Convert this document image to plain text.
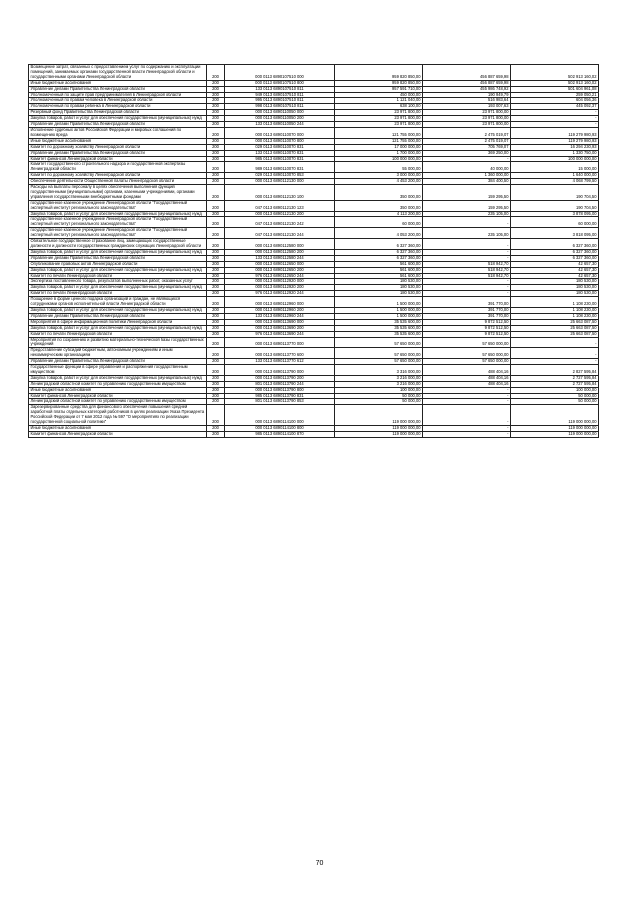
Возмещение затрат, связанных с предоставлением услуг по содержанию и эксплуатации помещений, занимаемых органами государственной власти Ленинградской области и государственными органами Ленинградской области	200	000 0113 6890107510 000	959 820 850,00	456 887 659,98	502 913 160,02
Иные бюджетные ассигнования	200	000 0113 6890107510 800	959 820 850,00	456 887 659,98	502 913 160,02
Управление делами Правительства Ленинградской области	200	133 0113 6890107510 811	957 591 710,00	455 986 748,92	501 604 961,08
Уполномоченный по защите прав предпринимателей в Ленинградской области	200	949 0113 6890107510 811	450 000,00	190 949,79	259 050,21
Уполномоченный по правам человека в Ленинградской области	200	995 0113 6890107510 811	1 121 040,00	516 983,64	604 056,36
Уполномоченный по правам ребенка в Ленинградской области	200	998 0113 6890107510 811	638 100,00	193 007,63	445 092,37
Резервный фонд Правительства Ленинградской области	200	000 0113 6890110050 000	23 971 800,00	23 971 800,00	-
Закупка товаров, работ и услуг для обеспечения государственных (муниципальных) нужд	200	000 0113 6890110050 200	23 971 800,00	23 971 800,00	-
Управление делами Правительства Ленинградской области	200	133 0113 6890110050 244	23 971 800,00	23 971 800,00	-
Исполнение судебных актов Российской Федерации и мировых соглашений по возмещению вреда	200	000 0113 6890110070 000	121 755 000,00	2 475 019,07	119 279 980,93
Иные бюджетные ассигнования	200	000 0113 6890110070 800	121 755 000,00	2 475 019,07	119 279 980,93
Комитет по дорожному хозяйству Ленинградской области	200	029 0113 6890110070 831	17 000 000,00	705 769,07	16 294 230,93
Управление делами Правительства Ленинградской области	200	133 0113 6890110070 831	1 700 000,00	369 250,00	1 330 750,00
Комитет финансов Ленинградской области	200	985 0113 6890110070 831	100 000 000,00	-	100 000 000,00
Комитет государственного строительного надзора и государственной экспертизы Ленинградской области	200	989 0113 6890110070 831	55 000,00	40 000,00	15 000,00
Комитет по дорожному хозяйству Ленинградской области	200	029 0113 6890110070 853	3 000 000,00	1 360 000,00	1 640 000,00
Обеспечение деятельности Общественной палаты Ленинградской области	200	000 0113 6890112130 000	4 453 200,00	384 400,50	4 068 799,50
Расходы на выплаты персоналу в целях обеспечения выполнения функций государственными (муниципальными) органами, казенными учреждениями, органами управления государственными внебюджетными фондами	200	000 0113 6890112130 100	350 000,00	159 295,50	190 704,50
государственное казенное учреждение Ленинградской области "Государственный экспертный институт регионального законодательства"	200	047 0113 6890112130 123	350 000,00	159 295,50	190 704,50
Закупка товаров, работ и услуг для обеспечения государственных (муниципальных) нужд	200	000 0113 6890112130 200	4 113 200,00	235 105,00	3 878 095,00
государственное казенное учреждение Ленинградской области "Государственный экспертный институт регионального законодательства"	200	047 0113 6890112130 242	60 000,00	-	60 000,00
государственное казенное учреждение Ленинградской области "Государственный экспертный институт регионального законодательства"	200	047 0113 6890112130 244	4 053 200,00	235 105,00	3 818 095,00
Обязательное государственное страхование лиц, замещающих государственные должности и должности государственных гражданских служащих Ленинградской области	200	000 0113 6890112580 000	6 327 360,00	-	6 327 360,00
Закупка товаров, работ и услуг для обеспечения государственных (муниципальных) нужд	200	000 0113 6890112580 200	6 327 360,00	-	6 327 360,00
Управление делами Правительства Ленинградской области	200	133 0113 6890112580 244	6 327 360,00	-	6 327 360,00
Опубликование правовых актов Ленинградской области	200	000 0113 6890112650 000	561 600,00	518 942,70	42 657,30
Закупка товаров, работ и услуг для обеспечения государственных (муниципальных) нужд	200	000 0113 6890112650 200	561 600,00	518 942,70	42 657,30
Комитет по печати Ленинградской области	200	976 0113 6890112650 244	561 600,00	518 942,70	42 657,30
Экспертиза поставленного товара, результатов выполненных работ, оказанных услуг	200	000 0113 6890112920 000	180 530,00	-	180 530,00
Закупка товаров, работ и услуг для обеспечения государственных (муниципальных) нужд	200	000 0113 6890112920 200	180 530,00	-	180 530,00
Комитет по печати Ленинградской области	200	976 0113 6890112920 244	180 530,00	-	180 530,00
Поощрение в форме ценного подарка организаций и граждан, не являющихся сотрудниками органов исполнительной власти Ленинградской области	200	000 0113 6890112960 000	1 500 000,00	391 770,00	1 108 230,00
Закупка товаров, работ и услуг для обеспечения государственных (муниципальных) нужд	200	000 0113 6890112960 200	1 500 000,00	391 770,00	1 108 230,00
Управление делами Правительства Ленинградской области	200	133 0113 6890112960 244	1 500 000,00	391 770,00	1 108 230,00
Мероприятия в сфере информационной политики Ленинградской области	200	000 0113 6890113690 000	35 535 600,00	9 872 512,50	25 663 087,50
Закупка товаров, работ и услуг для обеспечения государственных (муниципальных) нужд	200	000 0113 6890113690 200	35 535 600,00	9 872 512,50	25 663 087,50
Комитет по печати Ленинградской области	200	976 0113 6890113690 244	35 535 600,00	9 872 512,50	25 663 087,50
Мероприятия по сохранению и развитию материально-технической базы государственных учреждений	200	000 0113 6890113770 000	57 650 000,00	57 650 000,00	-
Предоставление субсидий бюджетным, автономным учреждениям и иным некоммерческим организациям	200	000 0113 6890113770 600	57 650 000,00	57 650 000,00	-
Управление делами Правительства Ленинградской области	200	133 0113 6890113770 612	57 650 000,00	57 650 000,00	-
Государственные функции в сфере управления и распоряжения государственным имуществом	200	000 0113 6890113790 000	3 316 000,00	488 404,16	2 827 595,84
Закупка товаров, работ и услуг для обеспечения государственных (муниципальных) нужд	200	000 0113 6890113790 200	3 216 000,00	488 404,16	2 727 595,84
Ленинградский областной комитет по управлению государственным имуществом	200	801 0113 6890113790 244	3 216 000,00	488 404,16	2 727 595,84
Иные бюджетные ассигнования	200	000 0113 6890113790 800	100 000,00	-	100 000,00
Комитет финансов Ленинградской области	200	985 0113 6890113790 831	50 000,00	-	50 000,00
Ленинградский областной комитет по управлению государственным имуществом	200	801 0113 6890113790 853	50 000,00	-	50 000,00
Зарезервированные средства для финансового обеспечения повышения средней заработной платы отдельных категорий работников в целях реализации Указа Президента Российской Федерации от 7 мая 2012 года № 597 "О мероприятиях по реализации государственной социальной политики"	200	000 0113 6890114100 000	119 000 000,00	-	119 000 000,00
Иные бюджетные ассигнования	200	000 0113 6890114100 800	119 000 000,00	-	119 000 000,00
Комитет финансов Ленинградской области	200	985 0113 6890114100 870	119 000 000,00	-	119 000 000,00
70
